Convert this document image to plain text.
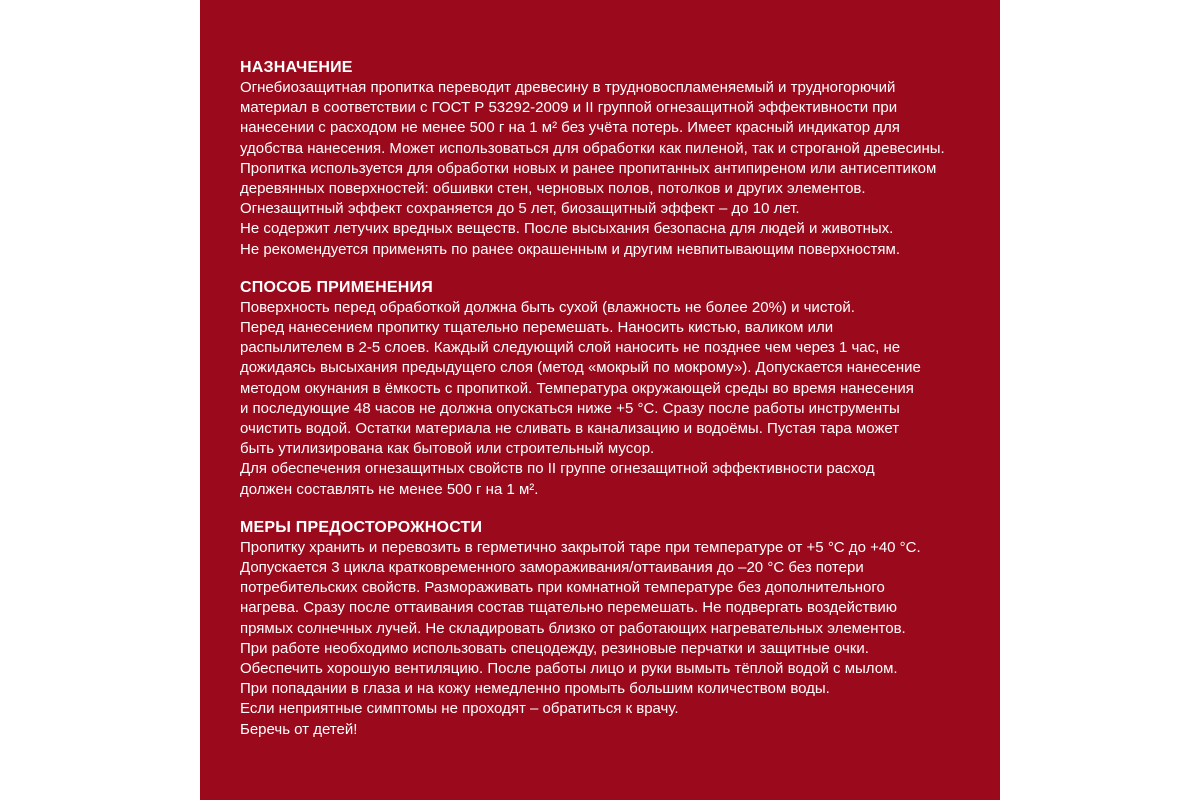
НАЗНАЧЕНИЕ
Огнебиозащитная пропитка переводит древесину в трудновоспламеняемый и трудногорючий
материал в соответствии с ГОСТ Р 53292-2009 и II группой огнезащитной эффективности при
нанесении с расходом не менее 500 г на 1 м² без учёта потерь. Имеет красный индикатор для
удобства нанесения. Может использоваться для обработки как пиленой, так и строганой древесины.
Пропитка используется для обработки новых и ранее пропитанных антипиреном или антисептиком
деревянных поверхностей: обшивки стен, черновых полов, потолков и других элементов.
Огнезащитный эффект сохраняется до 5 лет, биозащитный эффект – до 10 лет.
Не содержит летучих вредных веществ. После высыхания безопасна для людей и животных.
Не рекомендуется применять по ранее окрашенным и другим невпитывающим поверхностям.
СПОСОБ ПРИМЕНЕНИЯ
Поверхность перед обработкой должна быть сухой (влажность не более 20%) и чистой.
Перед нанесением пропитку тщательно перемешать. Наносить кистью, валиком или
распылителем в 2-5 слоев. Каждый следующий слой наносить не позднее чем через 1 час, не
дожидаясь высыхания предыдущего слоя (метод «мокрый по мокрому»). Допускается нанесение
методом окунания в ёмкость с пропиткой. Температура окружающей среды во время нанесения
и последующие 48 часов не должна опускаться ниже +5 °С. Сразу после работы инструменты
очистить водой. Остатки материала не сливать в канализацию и водоёмы. Пустая тара может
быть утилизирована как бытовой или строительный мусор.
Для обеспечения огнезащитных свойств по II группе огнезащитной эффективности расход
должен составлять не менее 500 г на 1 м².
МЕРЫ ПРЕДОСТОРОЖНОСТИ
Пропитку хранить и перевозить в герметично закрытой таре при температуре от +5 °С до +40 °С.
Допускается 3 цикла кратковременного замораживания/оттаивания до –20 °С без потери
потребительских свойств. Размораживать при комнатной температуре без дополнительного
нагрева. Сразу после оттаивания состав тщательно перемешать. Не подвергать воздействию
прямых солнечных лучей. Не складировать близко от работающих нагревательных элементов.
При работе необходимо использовать спецодежду, резиновые перчатки и защитные очки.
Обеспечить хорошую вентиляцию. После работы лицо и руки вымыть тёплой водой с мылом.
При попадании в глаза и на кожу немедленно промыть большим количеством воды.
Если неприятные симптомы не проходят – обратиться к врачу.
Беречь от детей!
